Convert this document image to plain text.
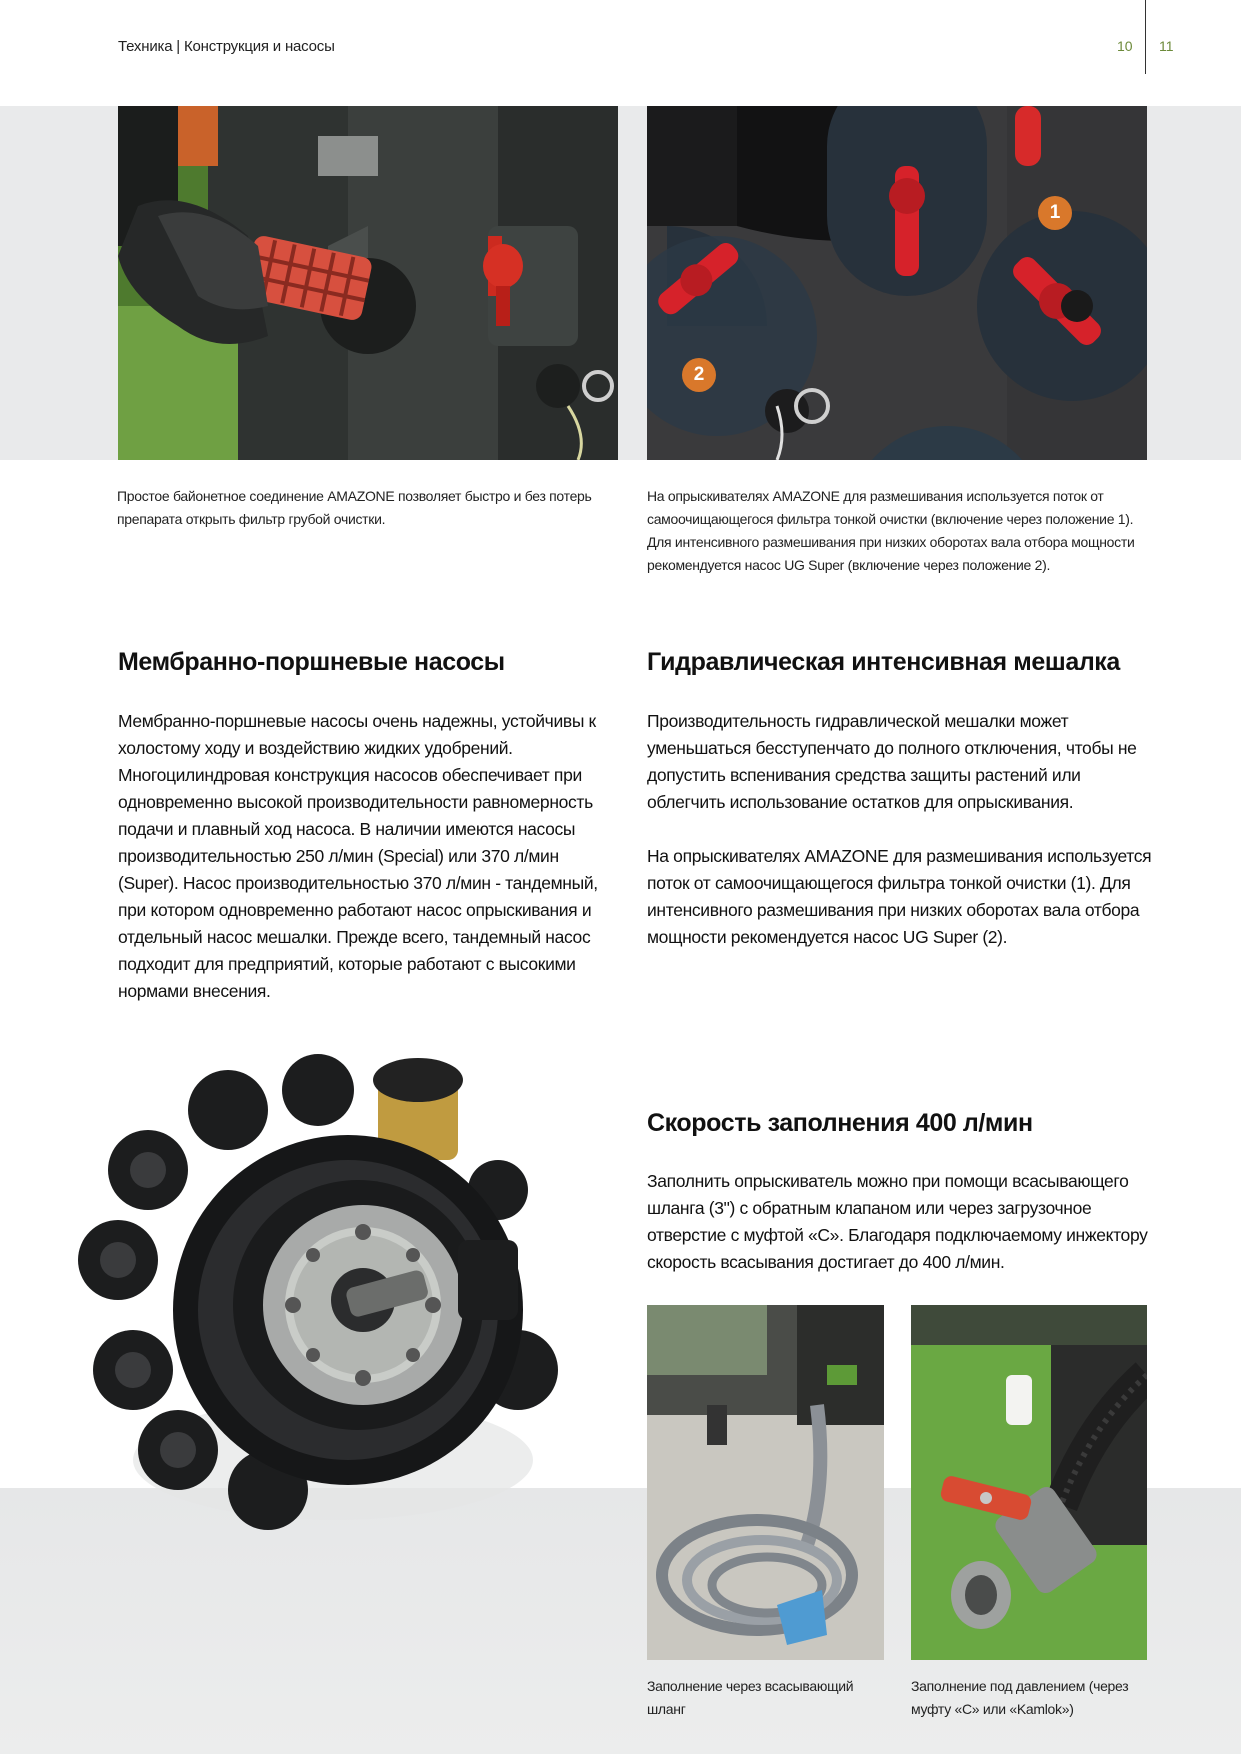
Техника | Конструкция и насосы	10 11
1
2
Простое байонетное соединение AMAZONE позволяет быстро и без потерь препарата открыть фильтр грубой очистки.
На опрыскивателях AMAZONE для размешивания используется поток от самоочищающегося фильтра тонкой очистки (включение через положение 1). Для интенсивного размешивания при низких оборотах вала отбора мощности рекомендуется насос UG Super (включение через положение 2).
Мембранно-поршневые насосы

Мембранно-поршневые насосы очень надежны, устойчивы к холостому ходу и воздействию жидких удобрений. Многоцилиндровая конструкция насосов обеспечивает при одновременно высокой производительности равномерность подачи и плавный ход насоса. В наличии имеются насосы производительностью 250 л/мин (Special) или 370 л/мин (Super). Насос производительностью 370 л/мин - тандемный, при котором одновременно работают насос опрыскивания и отдельный насос мешалки. Прежде всего, тандемный насос подходит для предприятий, которые работают с высокими нормами внесения.

Гидравлическая интенсивная мешалка

Производительность гидравлической мешалки может уменьшаться бесступенчато до полного отключения, чтобы не допустить вспенивания средства защиты растений или облегчить использование остатков для опрыскивания.

На опрыскивателях AMAZONE для размешивания используется поток от самоочищающегося фильтра тонкой очистки (1). Для интенсивного размешивания при низких оборотах вала отбора мощности рекомендуется насос UG Super (2).

Скорость заполнения 400 л/мин

Заполнить опрыскиватель можно при помощи всасывающего шланга (3") с обратным клапаном или через загрузочное отверстие с муфтой «С». Благодаря подключаемому инжектору скорость всасывания достигает до 400 л/мин.

Заполнение через всасывающий шланг
Заполнение под давлением (через муфту «С» или «Kamlok»)
